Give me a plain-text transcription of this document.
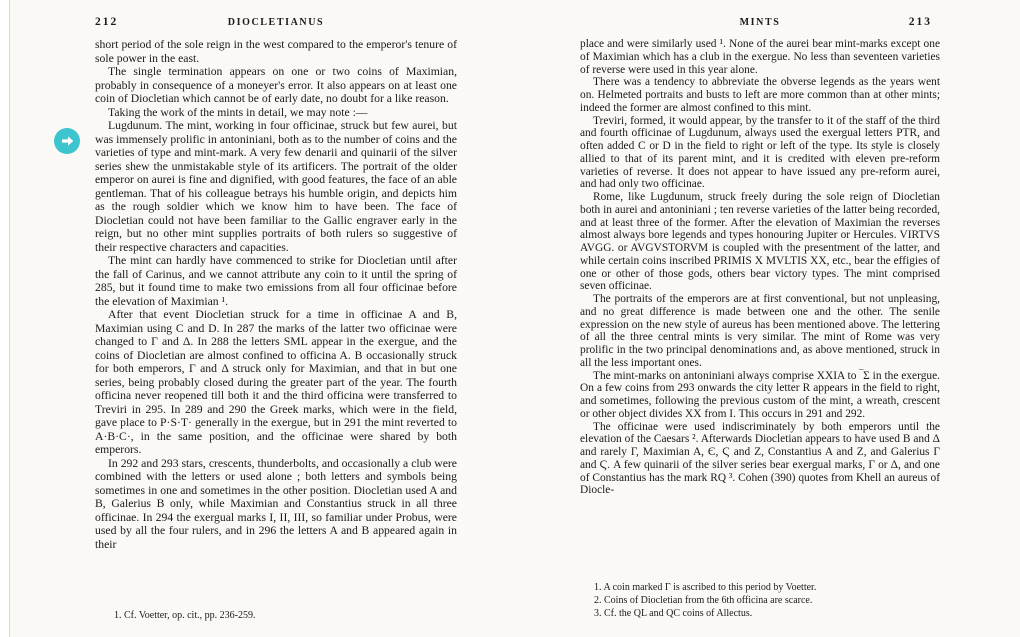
212	DIOCLETIANUS

short period of the sole reign in the west compared to the emperor's tenure of sole power in the east.

The single termination appears on one or two coins of Maximian, probably in consequence of a moneyer's error. It also appears on at least one coin of Diocletian which cannot be of early date, no doubt for a like reason.

Taking the work of the mints in detail, we may note :—

Lugdunum. The mint, working in four officinae, struck but few aurei, but was immensely prolific in antoniniani, both as to the number of coins and the varieties of type and mint-mark. A very few denarii and quinarii of the silver series shew the unmistakable style of its artificers. The portrait of the older emperor on aurei is fine and dignified, with good features, the face of an able gentleman. That of his colleague betrays his humble origin, and depicts him as the rough soldier which we know him to have been. The face of Diocletian could not have been familiar to the Gallic engraver early in the reign, but no other mint supplies portraits of both rulers so suggestive of their respective characters and capacities.

The mint can hardly have commenced to strike for Diocletian until after the fall of Carinus, and we cannot attribute any coin to it until the spring of 285, but it found time to make two emissions from all four officinae before the elevation of Maximian ¹.

After that event Diocletian struck for a time in officinae A and B, Maximian using C and D. In 287 the marks of the latter two officinae were changed to Γ and Δ. In 288 the letters SML appear in the exergue, and the coins of Diocletian are almost confined to officina A. B occasionally struck for both emperors, Γ and Δ struck only for Maximian, and that in but one series, being probably closed during the greater part of the year. The fourth officina never reopened till both it and the third officina were transferred to Treviri in 295. In 289 and 290 the Greek marks, which were in the field, gave place to P·S·T· generally in the exergue, but in 291 the mint reverted to A·B·C·, in the same position, and the officinae were shared by both emperors.

In 292 and 293 stars, crescents, thunderbolts, and occasionally a club were combined with the letters or used alone ; both letters and symbols being sometimes in one and sometimes in the other position. Diocletian used A and B, Galerius B only, while Maximian and Constantius struck in all three officinae. In 294 the exergual marks I, II, III, so familiar under Probus, were used by all the four rulers, and in 296 the letters A and B appeared again in their

1. Cf. Voetter, op. cit., pp. 236-259.

MINTS	213

place and were similarly used ¹. None of the aurei bear mint-marks except one of Maximian which has a club in the exergue. No less than seventeen varieties of reverse were used in this year alone.

There was a tendency to abbreviate the obverse legends as the years went on. Helmeted portraits and busts to left are more common than at other mints; indeed the former are almost confined to this mint.

Treviri, formed, it would appear, by the transfer to it of the staff of the third and fourth officinae of Lugdunum, always used the exergual letters PTR, and often added C or D in the field to right or left of the type. Its style is closely allied to that of its parent mint, and it is credited with eleven pre-reform varieties of reverse. It does not appear to have issued any pre-reform aurei, and had only two officinae.

Rome, like Lugdunum, struck freely during the sole reign of Diocletian both in aurei and antoniniani ; ten reverse varieties of the latter being recorded, and at least three of the former. After the elevation of Maximian the reverses almost always bore legends and types honouring Jupiter or Hercules. VIRTVS AVGG. or AVGVSTORVM is coupled with the presentment of the latter, and while certain coins inscribed PRIMIS X MVLTIS XX, etc., bear the effigies of one or other of those gods, others bear victory types. The mint comprised seven officinae.

The portraits of the emperors are at first conventional, but not unpleasing, and no great difference is made between one and the other. The senile expression on the new style of aureus has been mentioned above. The lettering of all the three central mints is very similar. The mint of Rome was very prolific in the two principal denominations and, as above mentioned, struck in all the less important ones.

The mint-marks on antoniniani always comprise XXIA to ‾Σ in the exergue. On a few coins from 293 onwards the city letter R appears in the field to right, and sometimes, following the previous custom of the mint, a wreath, crescent or other object divides XX from I. This occurs in 291 and 292.

The officinae were used indiscriminately by both emperors until the elevation of the Caesars ². Afterwards Diocletian appears to have used B and Δ and rarely Γ, Maximian A, Є, Ϛ and Z, Constantius A and Z, and Galerius Γ and Ϛ. A few quinarii of the silver series bear exergual marks, Γ or Δ, and one of Constantius has the mark RQ ³. Cohen (390) quotes from Khell an aureus of Diocle-

1. A coin marked Γ is ascribed to this period by Voetter.

2. Coins of Diocletian from the 6th officina are scarce.

3. Cf. the QL and QC coins of Allectus.
